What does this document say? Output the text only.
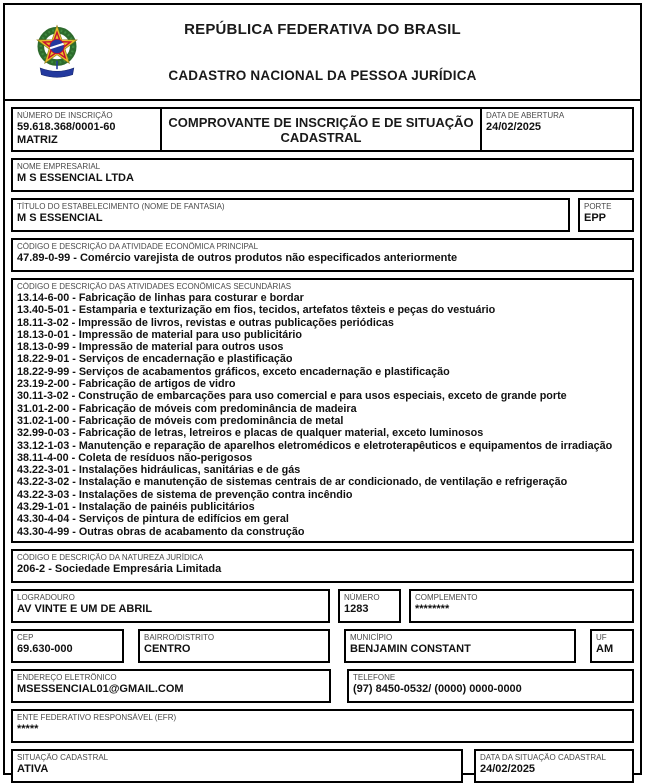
REPÚBLICA FEDERATIVA DO BRASIL
CADASTRO NACIONAL DA PESSOA JURÍDICA
NÚMERO DE INSCRIÇÃO
59.618.368/0001-60
MATRIZ
COMPROVANTE DE INSCRIÇÃO E DE SITUAÇÃO
CADASTRAL
DATA DE ABERTURA
24/02/2025
NOME EMPRESARIAL
M S ESSENCIAL LTDA
TÍTULO DO ESTABELECIMENTO (NOME DE FANTASIA)
M S ESSENCIAL
PORTE
EPP
CÓDIGO E DESCRIÇÃO DA ATIVIDADE ECONÔMICA PRINCIPAL
47.89-0-99 - Comércio varejista de outros produtos não especificados anteriormente
CÓDIGO E DESCRIÇÃO DAS ATIVIDADES ECONÔMICAS SECUNDÁRIAS
13.14-6-00 - Fabricação de linhas para costurar e bordar
13.40-5-01 - Estamparia e texturização em fios, tecidos, artefatos têxteis e peças do vestuário
18.11-3-02 - Impressão de livros, revistas e outras publicações periódicas
18.13-0-01 - Impressão de material para uso publicitário
18.13-0-99 - Impressão de material para outros usos
18.22-9-01 - Serviços de encadernação e plastificação
18.22-9-99 - Serviços de acabamentos gráficos, exceto encadernação e plastificação
23.19-2-00 - Fabricação de artigos de vidro
30.11-3-02 - Construção de embarcações para uso comercial e para usos especiais, exceto de grande porte
31.01-2-00 - Fabricação de móveis com predominância de madeira
31.02-1-00 - Fabricação de móveis com predominância de metal
32.99-0-03 - Fabricação de letras, letreiros e placas de qualquer material, exceto luminosos
33.12-1-03 - Manutenção e reparação de aparelhos eletromédicos e eletroterapêuticos e equipamentos de irradiação
38.11-4-00 - Coleta de resíduos não-perigosos
43.22-3-01 - Instalações hidráulicas, sanitárias e de gás
43.22-3-02 - Instalação e manutenção de sistemas centrais de ar condicionado, de ventilação e refrigeração
43.22-3-03 - Instalações de sistema de prevenção contra incêndio
43.29-1-01 - Instalação de painéis publicitários
43.30-4-04 - Serviços de pintura de edifícios em geral
43.30-4-99 - Outras obras de acabamento da construção
CÓDIGO E DESCRIÇÃO DA NATUREZA JURÍDICA
206-2 - Sociedade Empresária Limitada
LOGRADOURO
AV VINTE E UM DE ABRIL
NÚMERO
1283
COMPLEMENTO
********
CEP
69.630-000
BAIRRO/DISTRITO
CENTRO
MUNICÍPIO
BENJAMIN CONSTANT
UF
AM
ENDEREÇO ELETRÔNICO
MSESSENCIAL01@GMAIL.COM
TELEFONE
(97) 8450-0532/ (0000) 0000-0000
ENTE FEDERATIVO RESPONSÁVEL (EFR)
*****
SITUAÇÃO CADASTRAL
ATIVA
DATA DA SITUAÇÃO CADASTRAL
24/02/2025
